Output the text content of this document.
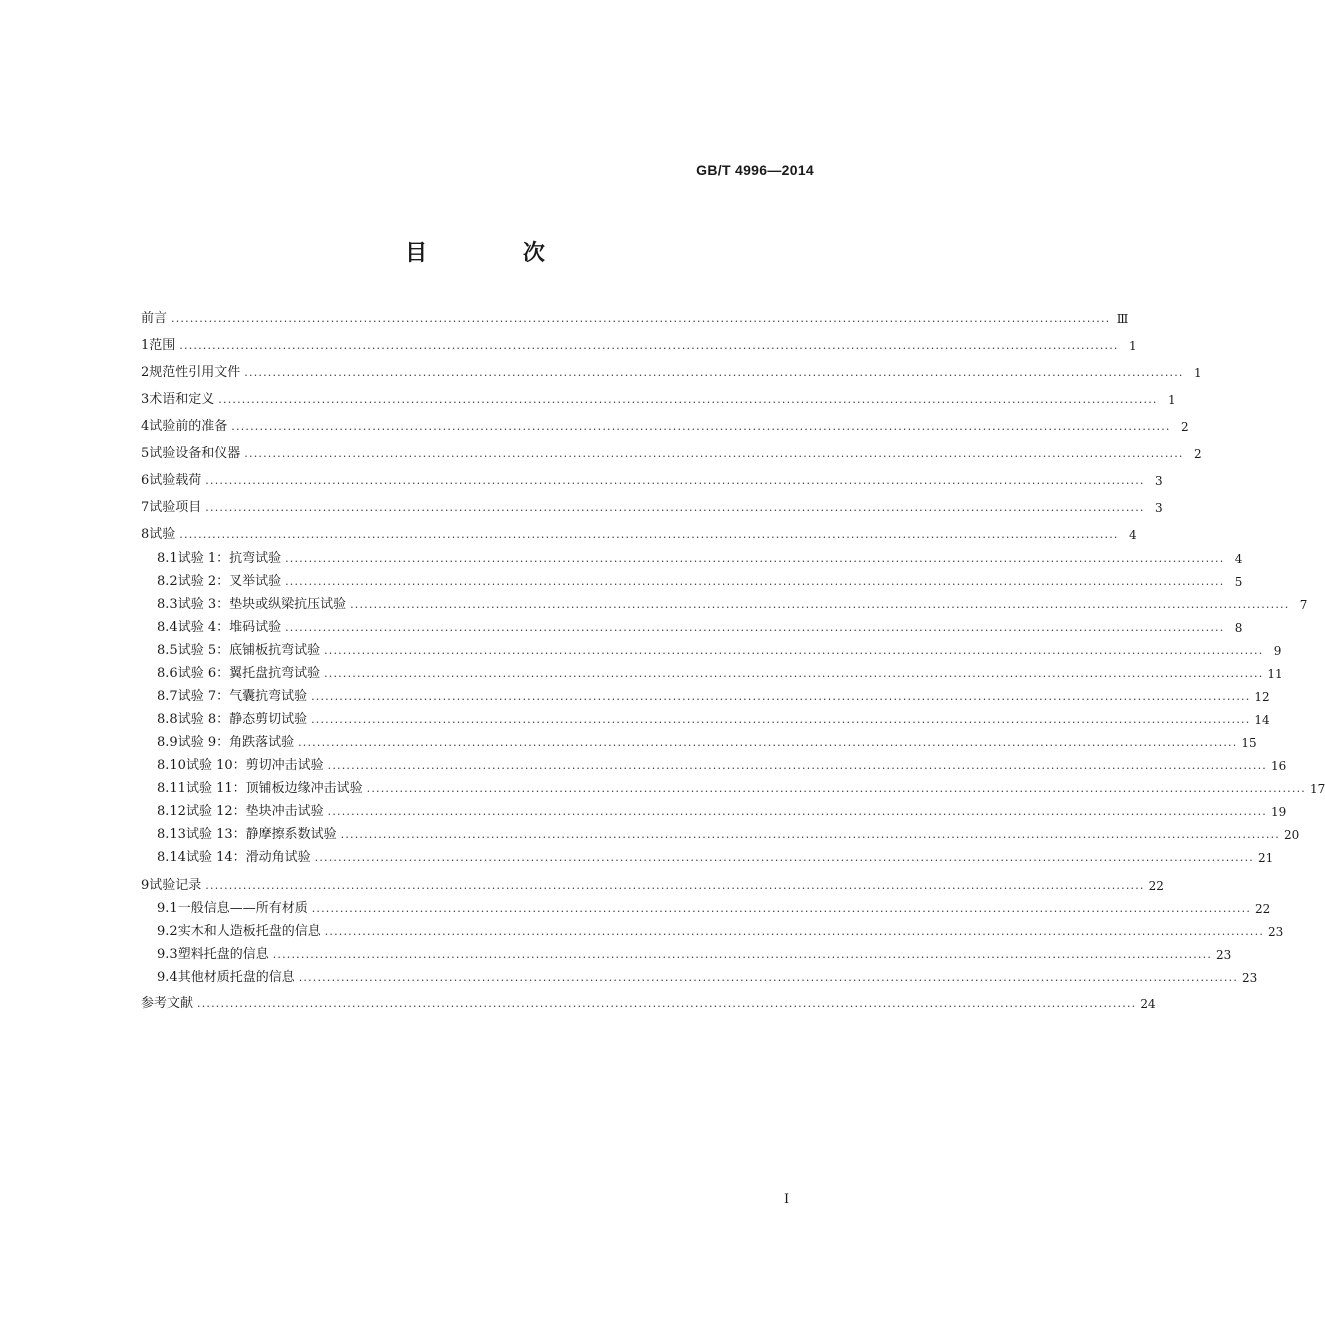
GB/T 4996—2014
目 次
前言 ........................................................................................................................................................................................................ Ⅲ
1 范围 ........................................................................................................................................................................................................ 1
2 规范性引用文件 ........................................................................................................................................................................................................ 1
3 术语和定义 ........................................................................................................................................................................................................ 1
4 试验前的准备 ........................................................................................................................................................................................................ 2
5 试验设备和仪器 ........................................................................................................................................................................................................ 2
6 试验载荷 ........................................................................................................................................................................................................ 3
7 试验项目 ........................................................................................................................................................................................................ 3
8 试验 ........................................................................................................................................................................................................ 4
8.1 试验 1：抗弯试验 ........................................................................................................................................................................................................ 4
8.2 试验 2：叉举试验 ........................................................................................................................................................................................................ 5
8.3 试验 3：垫块或纵梁抗压试验 ........................................................................................................................................................................................................ 7
8.4 试验 4：堆码试验 ........................................................................................................................................................................................................ 8
8.5 试验 5：底铺板抗弯试验 ........................................................................................................................................................................................................ 9
8.6 试验 6：翼托盘抗弯试验 ........................................................................................................................................................................................................ 11
8.7 试验 7：气囊抗弯试验 ........................................................................................................................................................................................................ 12
8.8 试验 8：静态剪切试验 ........................................................................................................................................................................................................ 14
8.9 试验 9：角跌落试验 ........................................................................................................................................................................................................ 15
8.10 试验 10：剪切冲击试验 ........................................................................................................................................................................................................ 16
8.11 试验 11：顶铺板边缘冲击试验 ........................................................................................................................................................................................................ 17
8.12 试验 12：垫块冲击试验 ........................................................................................................................................................................................................ 19
8.13 试验 13：静摩擦系数试验 ........................................................................................................................................................................................................ 20
8.14 试验 14：滑动角试验 ........................................................................................................................................................................................................ 21
9 试验记录 ........................................................................................................................................................................................................ 22
9.1 一般信息——所有材质 ........................................................................................................................................................................................................ 22
9.2 实木和人造板托盘的信息 ........................................................................................................................................................................................................ 23
9.3 塑料托盘的信息 ........................................................................................................................................................................................................ 23
9.4 其他材质托盘的信息 ........................................................................................................................................................................................................ 23
参考文献 ........................................................................................................................................................................................................ 24
I
